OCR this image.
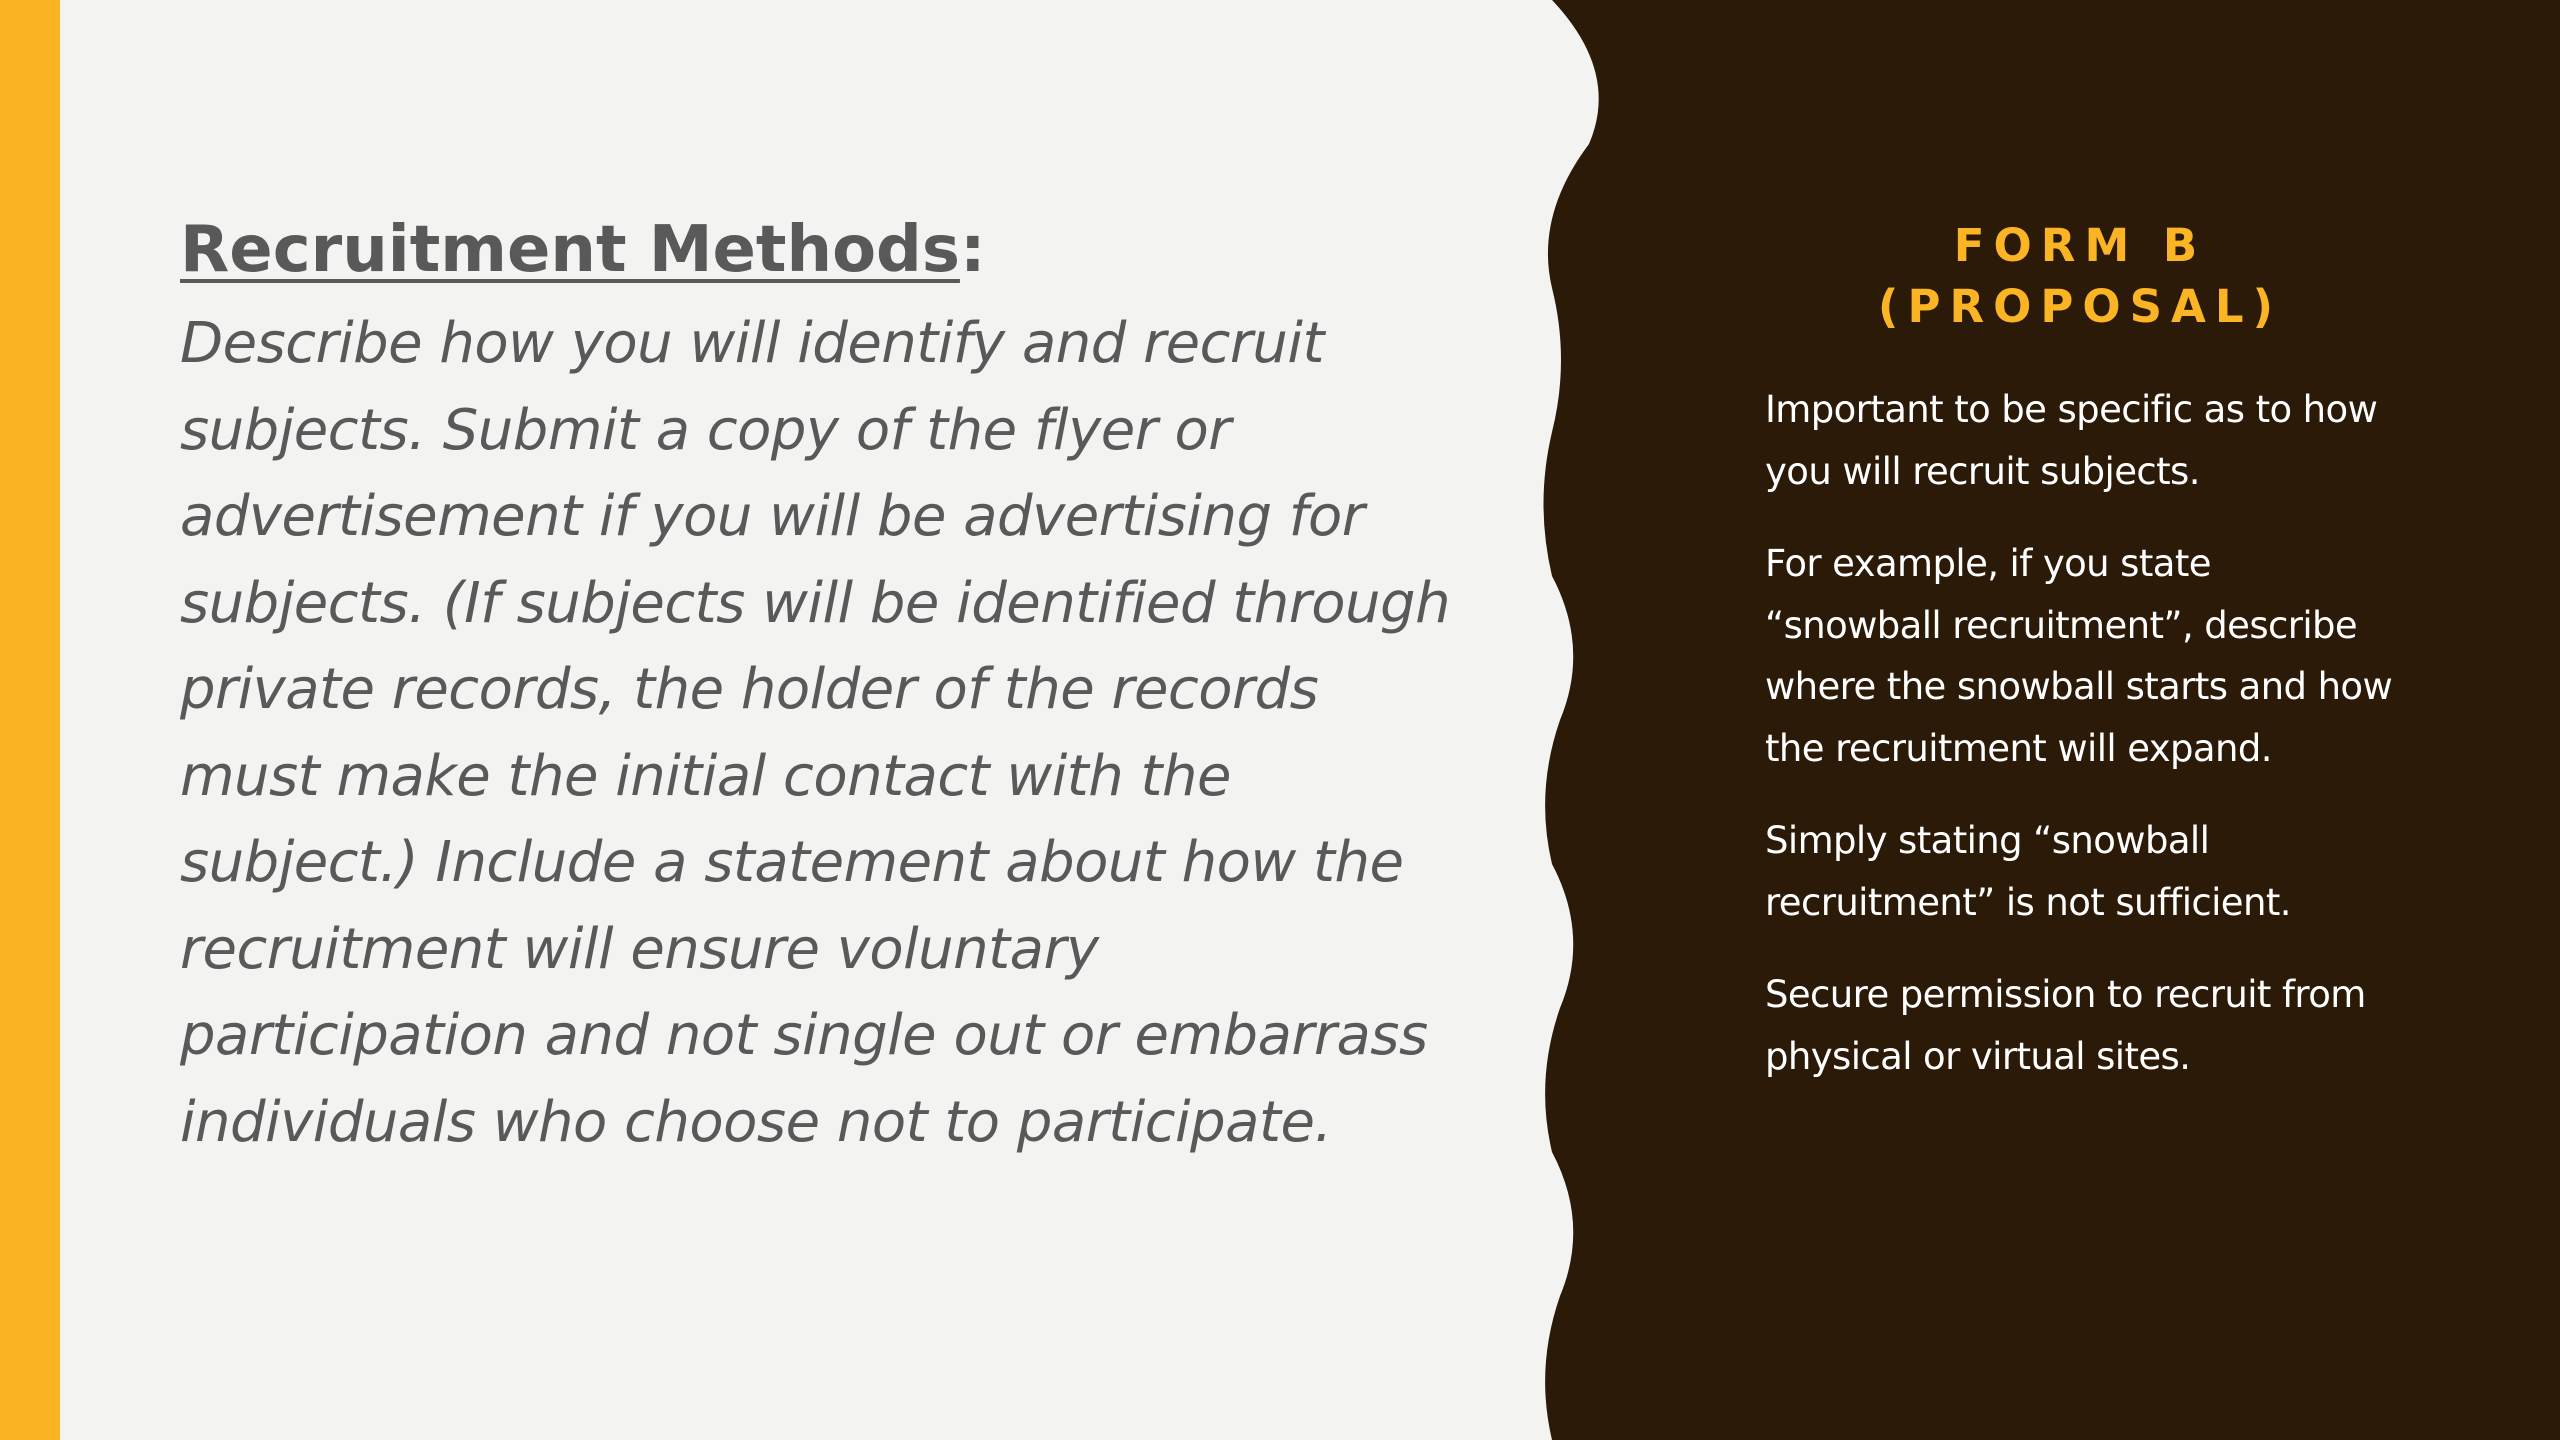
Recruitment Methods:

Describe how you will identify and recruit subjects. Submit a copy of the flyer or advertisement if you will be advertising for subjects. (If subjects will be identified through private records, the holder of the records must make the initial contact with the subject.) Include a statement about how the recruitment will ensure voluntary participation and not single out or embarrass individuals who choose not to participate.

FORM B
(PROPOSAL)

Important to be specific as to how you will recruit subjects.

For example, if you state “snowball recruitment”, describe where the snowball starts and how the recruitment will expand.

Simply stating “snowball recruitment” is not sufficient.

Secure permission to recruit from physical or virtual sites.
